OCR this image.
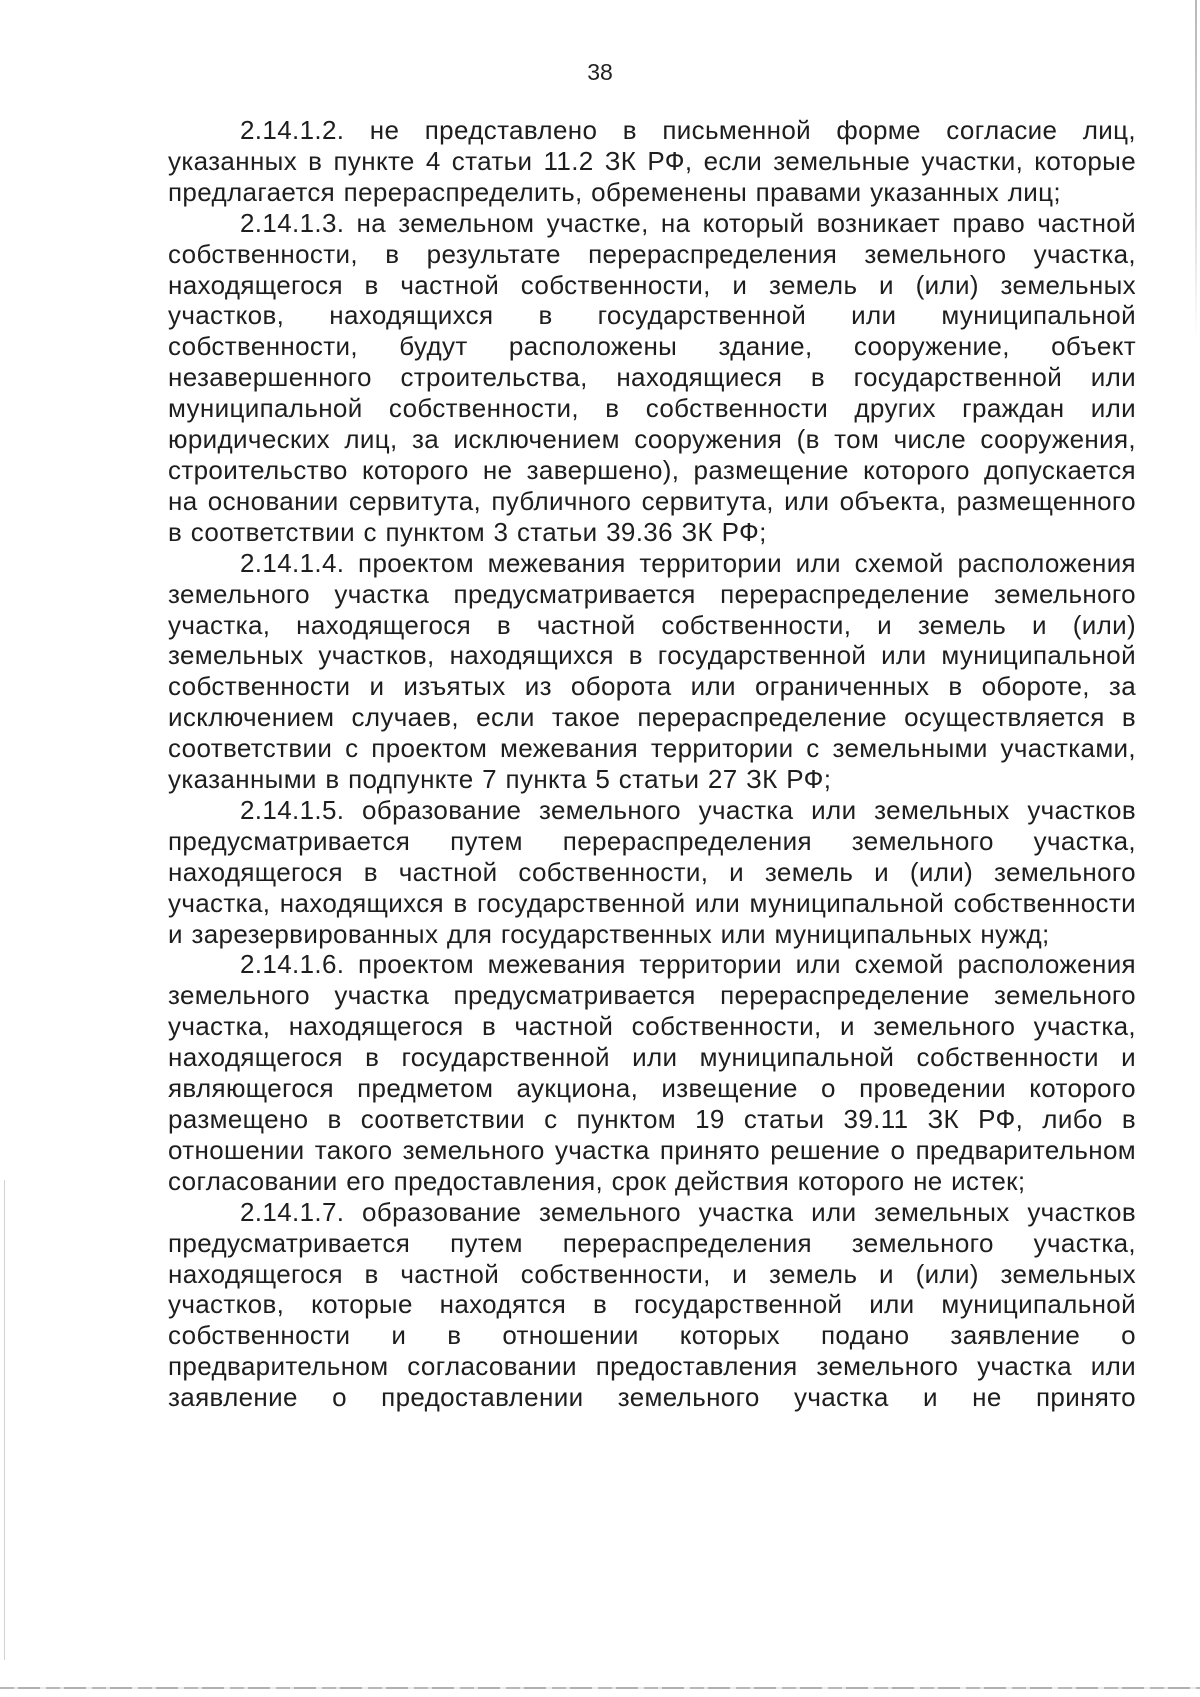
38

2.14.1.2. не представлено в письменной форме согласие лиц, указанных в пункте 4 статьи 11.2 ЗК РФ, если земельные участки, которые предлагается перераспределить, обременены правами указанных лиц;

2.14.1.3. на земельном участке, на который возникает право частной собственности, в результате перераспределения земельного участка, находящегося в частной собственности, и земель и (или) земельных участков, находящихся в государственной или муниципальной собственности, будут расположены здание, сооружение, объект незавершенного строительства, находящиеся в государственной или муниципальной собственности, в собственности других граждан или юридических лиц, за исключением сооружения (в том числе сооружения, строительство которого не завершено), размещение которого допускается на основании сервитута, публичного сервитута, или объекта, размещенного в соответствии с пунктом 3 статьи 39.36 ЗК РФ;

2.14.1.4. проектом межевания территории или схемой расположения земельного участка предусматривается перераспределение земельного участка, находящегося в частной собственности, и земель и (или) земельных участков, находящихся в государственной или муниципальной собственности и изъятых из оборота или ограниченных в обороте, за исключением случаев, если такое перераспределение осуществляется в соответствии с проектом межевания территории с земельными участками, указанными в подпункте 7 пункта 5 статьи 27 ЗК РФ;

2.14.1.5. образование земельного участка или земельных участков предусматривается путем перераспределения земельного участка, находящегося в частной собственности, и земель и (или) земельного участка, находящихся в государственной или муниципальной собственности и зарезервированных для государственных или муниципальных нужд;

2.14.1.6. проектом межевания территории или схемой расположения земельного участка предусматривается перераспределение земельного участка, находящегося в частной собственности, и земельного участка, находящегося в государственной или муниципальной собственности и являющегося предметом аукциона, извещение о проведении которого размещено в соответствии с пунктом 19 статьи 39.11 ЗК РФ, либо в отношении такого земельного участка принято решение о предварительном согласовании его предоставления, срок действия которого не истек;

2.14.1.7. образование земельного участка или земельных участков предусматривается путем перераспределения земельного участка, находящегося в частной собственности, и земель и (или) земельных участков, которые находятся в государственной или муниципальной собственности и в отношении которых подано заявление о предварительном согласовании предоставления земельного участка или заявление о предоставлении земельного участка и не принято
